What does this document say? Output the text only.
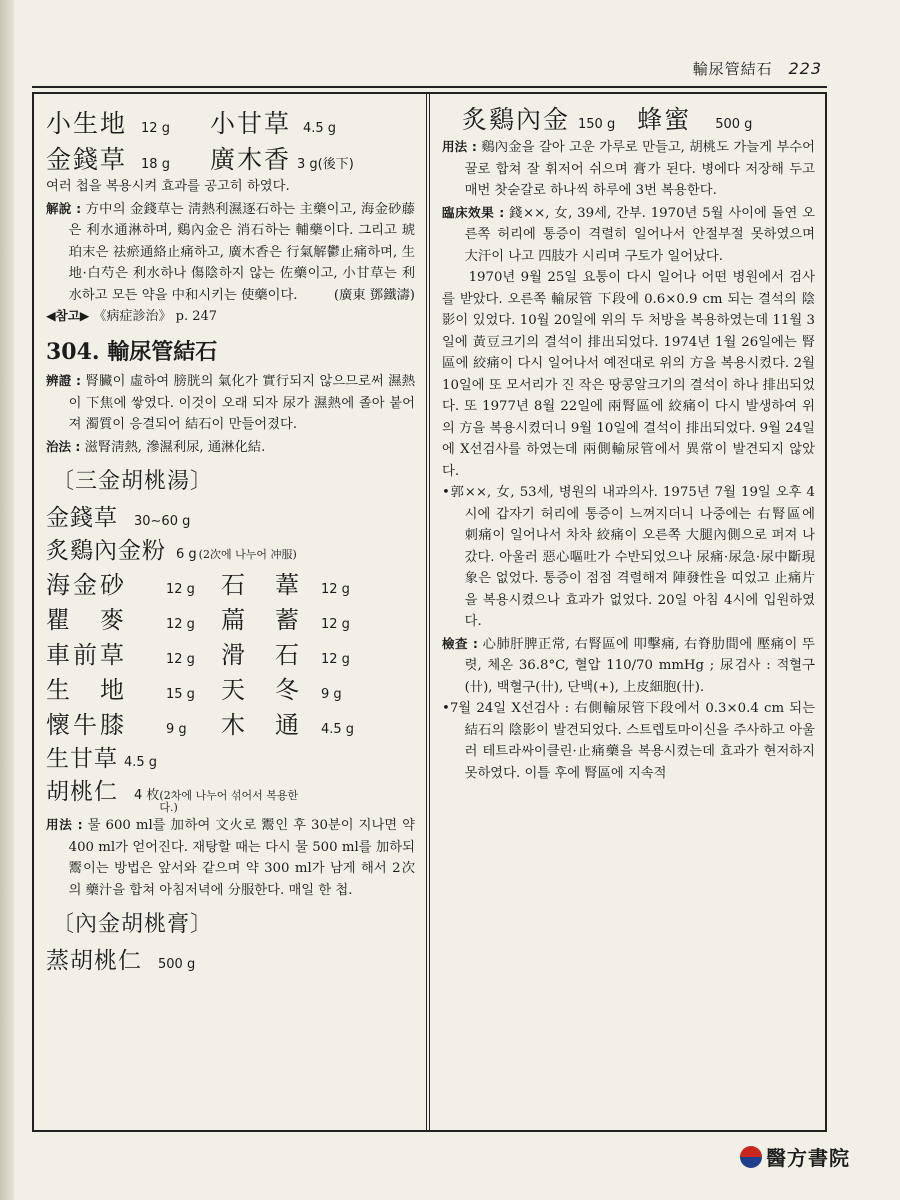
輸尿管結石 223
小生地 12 g 小甘草 4.5 g
金錢草 18 g 廣木香 3 g (後下)

여러 첩을 복용시켜 효과를 공고히 하였다.

解說 : 方中의 金錢草는 淸熱利濕逐石하는 主藥이고, 海金砂藤은 利水通淋하며, 鷄內金은 消石하는 輔藥이다. 그리고 琥珀末은 祛瘀通絡止痛하고, 廣木香은 行氣解鬱止痛하며, 生地·白芍은 利水하나 傷陰하지 않는 佐藥이고, 小甘草는 利水하고 모든 약을 中和시키는 使藥이다.	(廣東 鄧鐵濤)

◀참고▶ 《病症診治》 p. 247
304. 輸尿管結石

辨證 : 腎臟이 虛하여 膀胱의 氣化가 實行되지 않으므로써 濕熱이 下焦에 쌓였다. 이것이 오래 되자 尿가 濕熱에 졸아 붙어져 濁質이 응결되어 結石이 만들어졌다.

治法 : 滋腎淸熱, 滲濕利尿, 通淋化結.

〔三金胡桃湯〕
金錢草 30∼60 g
炙鷄內金粉 6 g (2次에 나누어 冲服)
海金砂	12 g	石　葦	12 g
瞿　麥	12 g	萹　蓄	12 g
車前草	12 g	滑　石	12 g
生　地	15 g	天　冬	9 g
懷牛膝	9 g	木　通	4.5 g
生甘草 4.5 g
胡桃仁 4 枚 (2차에 나누어 섞어서 복용한다.)

用法 : 물 600 ml를 加하여 文火로 鬻인 후 30분이 지나면 약 400 ml가 얻어진다. 재탕할 때는 다시 물 500 ml를 加하되 鬻이는 방법은 앞서와 같으며 약 300 ml가 남게 해서 2次의 藥汁을 합쳐 아침저녁에 分服한다. 매일 한 첩.

〔內金胡桃膏〕
蒸胡桃仁 500 g
炙鷄內金 150 g 蜂蜜 500 g

用法 : 鷄內金을 갈아 고운 가루로 만들고, 胡桃도 가늘게 부수어 꿀로 합쳐 잘 휘저어 쉬으며 膏가 된다. 병에다 저장해 두고 매번 찻숟갈로 하나씩 하루에 3번 복용한다.

臨床效果 : 錢××, 女, 39세, 간부. 1970년 5월 사이에 돌연 오른쪽 허리에 통증이 격렬히 일어나서 안절부절 못하였으며 大汗이 나고 四肢가 시리며 구토가 일어났다.

1970년 9월 25일 요통이 다시 일어나 어떤 병원에서 검사를 받았다. 오른쪽 輸尿管 下段에 0.6×0.9 cm 되는 결석의 陰影이 있었다. 10월 20일에 위의 두 처방을 복용하였는데 11월 3일에 黃豆크기의 결석이 排出되었다. 1974년 1월 26일에는 腎區에 絞痛이 다시 일어나서 예전대로 위의 方을 복용시켰다. 2월 10일에 또 모서리가 진 작은 땅콩알크기의 결석이 하나 排出되었다. 또 1977년 8월 22일에 兩腎區에 絞痛이 다시 발생하여 위의 方을 복용시켰더니 9월 10일에 결석이 排出되었다. 9월 24일에 X선검사를 하였는데 兩側輸尿管에서 異常이 발견되지 않았다.

•郭××, 女, 53세, 병원의 내과의사. 1975년 7월 19일 오후 4시에 갑자기 허리에 통증이 느껴지더니 나중에는 右腎區에 刺痛이 일어나서 차차 絞痛이 오른쪽 大腿內側으로 퍼져 나갔다. 아울러 惡心嘔吐가 수반되었으나 尿痛·尿急·尿中斷現象은 없었다. 통증이 점점 격렬해져 陣發性을 띠었고 止痛片을 복용시켰으나 효과가 없었다. 20일 아침 4시에 입원하였다.

檢查 : 心肺肝脾正常, 右腎區에 叩擊痛, 右脊肋間에 壓痛이 뚜렷, 체온 36.8°C, 혈압 110/70 mmHg ; 尿검사 : 적혈구(卄), 백혈구(卄), 단백(+), 上皮細胞(卄).

•7월 24일 X선검사 : 右側輸尿管下段에서 0.3×0.4 cm 되는 結石의 陰影이 발견되었다. 스트렙토마이신을 주사하고 아울러 테트라싸이클린·止痛藥을 복용시켰는데 효과가 현저하지 못하였다. 이틀 후에 腎區에 지속적

醫方書院
